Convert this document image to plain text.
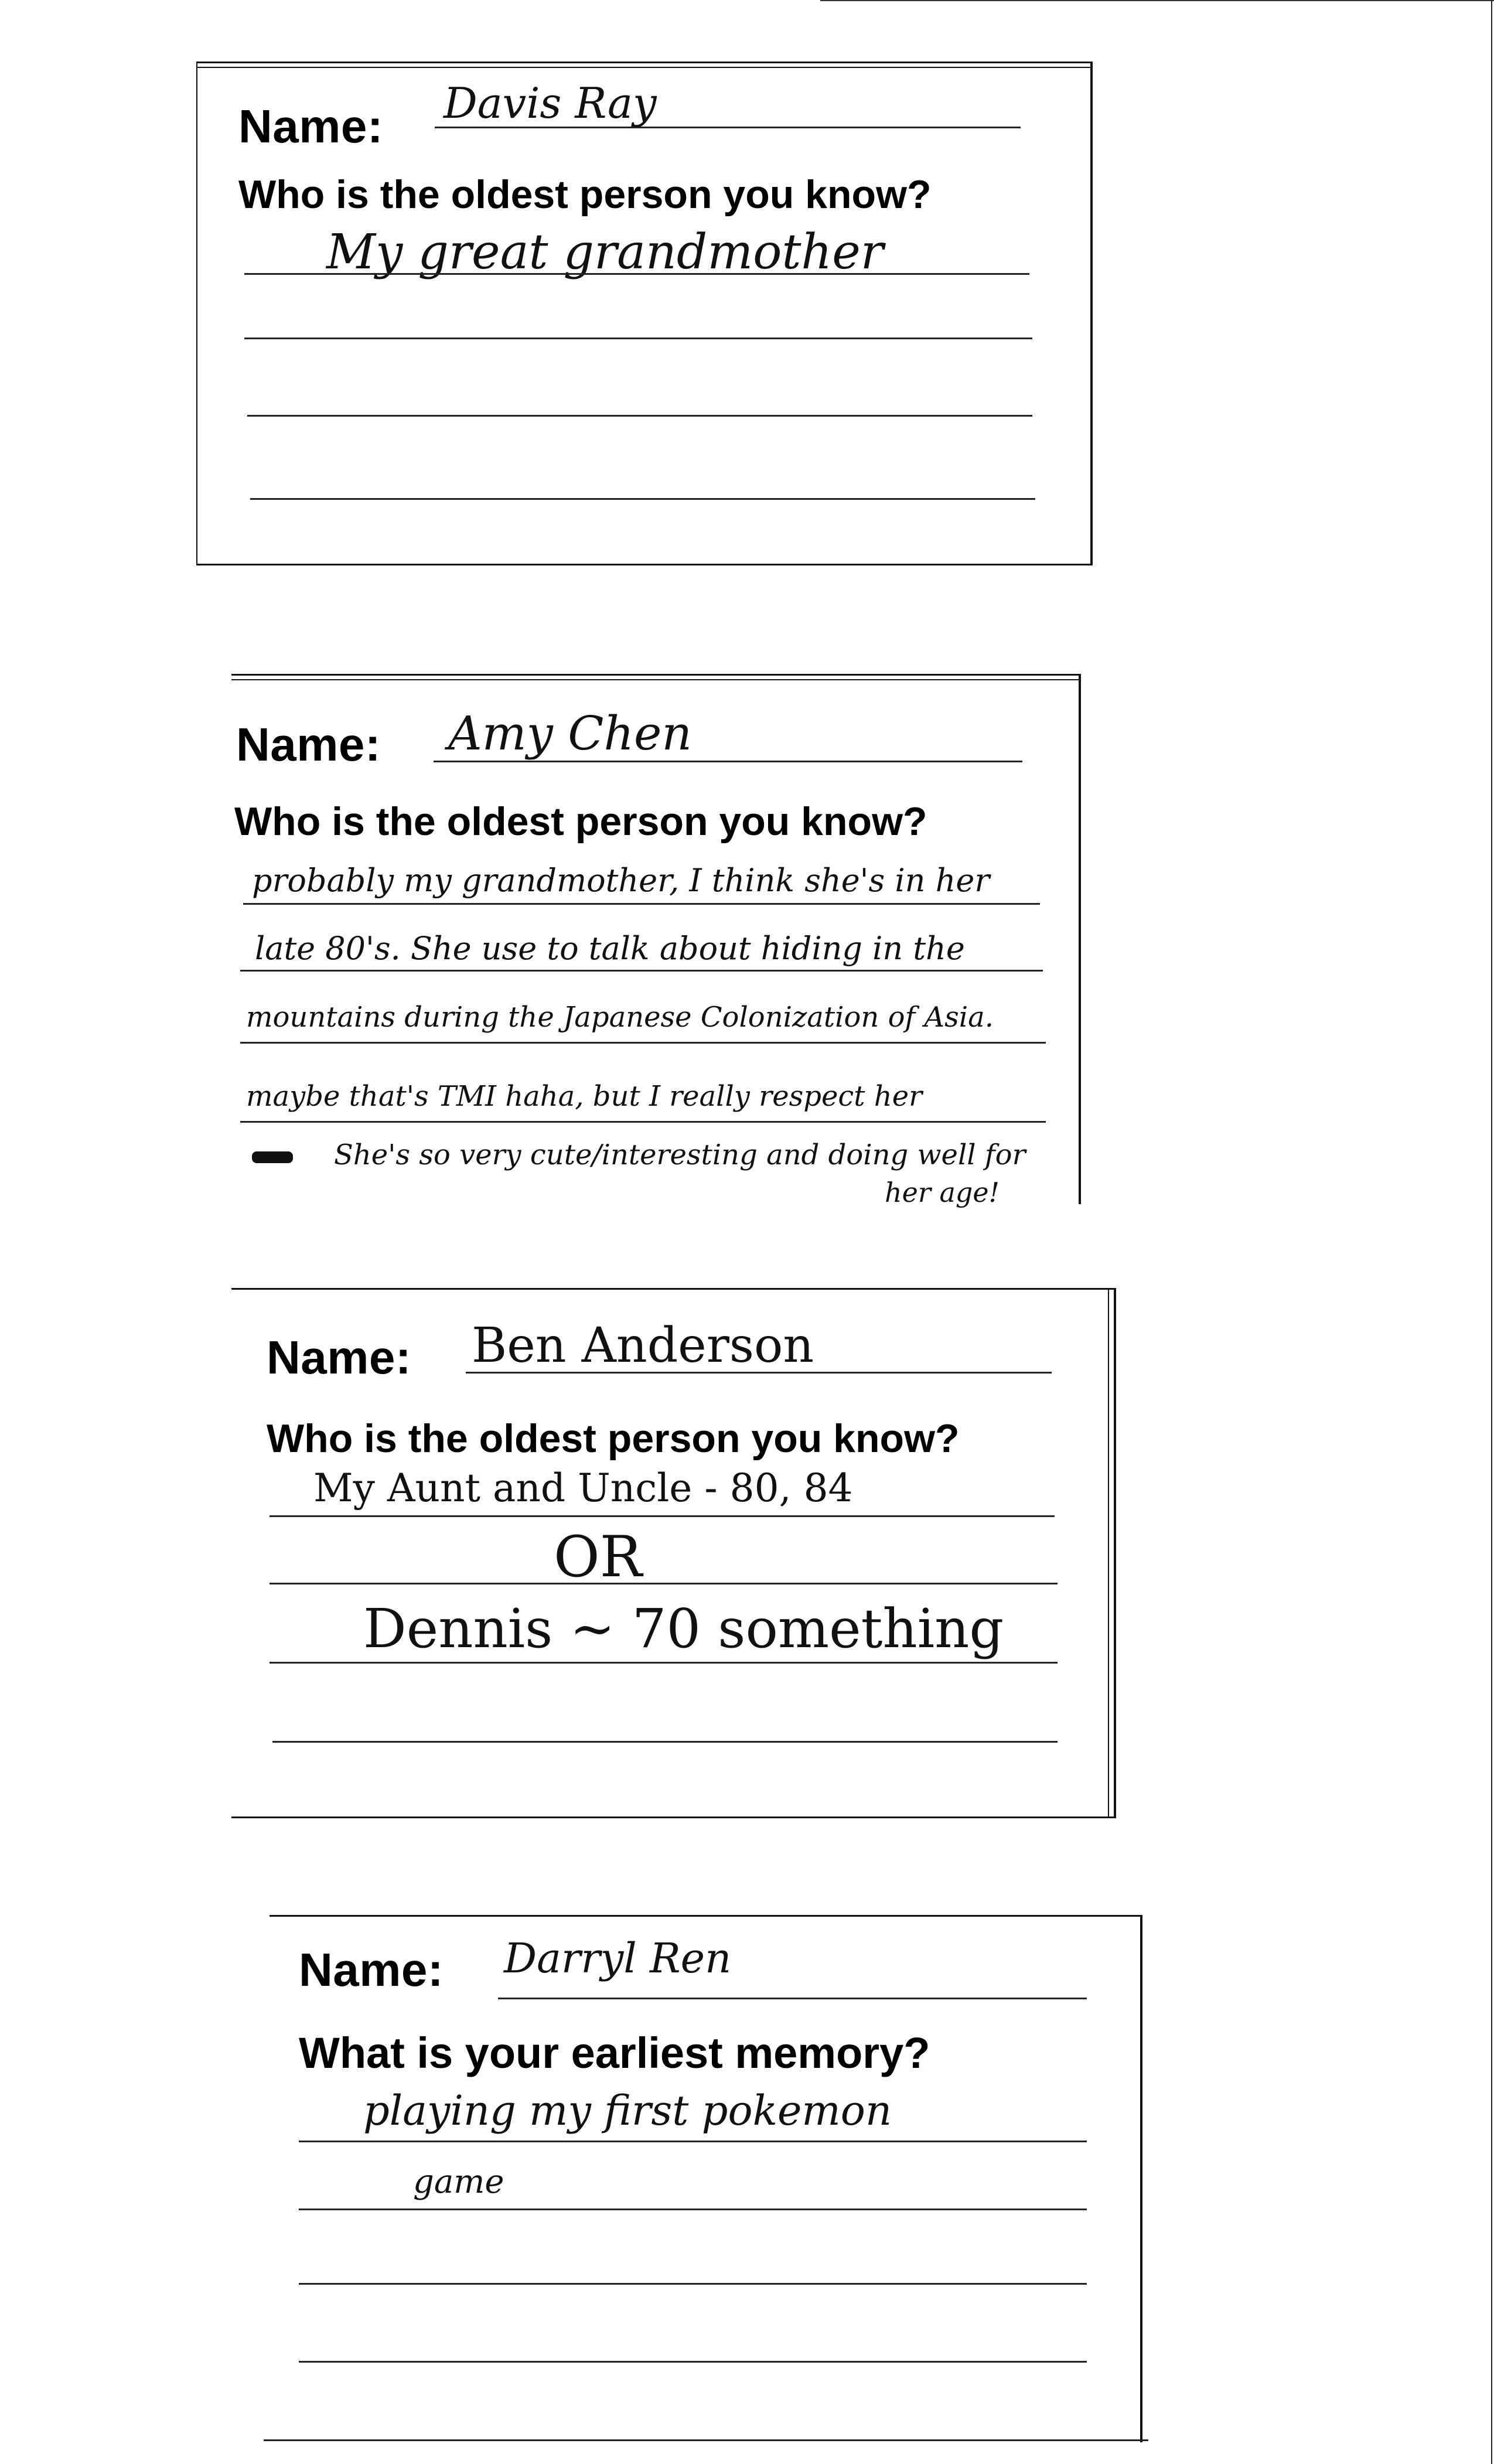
Name: Davis Ray
Who is the oldest person you know?
My great grandmother
Name: Amy Chen
Who is the oldest person you know?
probably my grandmother, I think she's in her
late 80's. She use to talk about hiding in the
mountains during the Japanese Colonization of Asia.
maybe that's TMI haha, but I really respect her
She's so very cute/interesting and doing well for
her age!
Name: Ben Anderson
Who is the oldest person you know?
My Aunt and Uncle - 80, 84
OR
Dennis ~ 70 something
Name: Darryl Ren
What is your earliest memory?
playing my first pokemon
game
